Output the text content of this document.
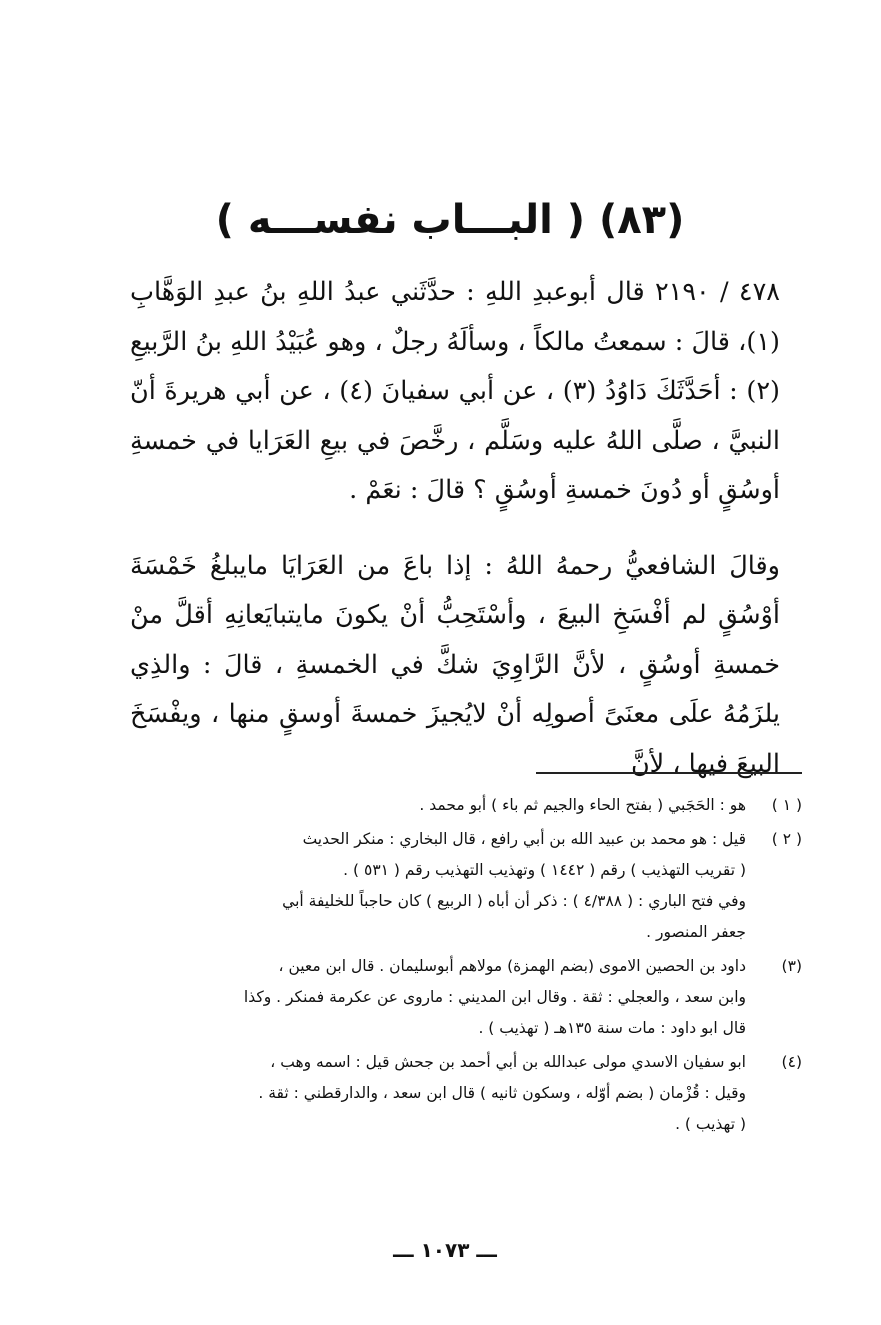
(٨٣) ( البـــاب نفســـه )

٤٧٨ / ٢١٩٠ قال أبوعبدِ اللهِ : حدَّثَني عبدُ اللهِ بنُ عبدِ الوَهَّابِ (١)، قالَ : سمعتُ مالكاً ، وسألَهُ رجلٌ ، وهو عُبَيْدُ اللهِ بنُ الرَّبيعِ (٢) : أحَدَّثَكَ دَاوُدُ (٣) ، عن أبي سفيانَ (٤) ، عن أبي هريرةَ أنّ النبيَّ ، صلَّى اللهُ عليه وسَلَّم ، رخَّصَ في بيعِ العَرَايا في خمسةِ أوسُقٍ أو دُونَ خمسةِ أوسُقٍ ؟ قالَ : نعَمْ .

وقالَ الشافعيُّ رحمهُ اللهُ : إذا باعَ من العَرَايَا مايبلغُ خَمْسَةَ أوْسُقٍ لم أفْسَخِ البيعَ ، وأسْتَحِبُّ أنْ يكونَ مايتبايَعانِهِ أقلَّ منْ خمسةِ أوسُقٍ ، لأنَّ الرَّاوِيَ شكَّ في الخمسةِ ، قالَ : والذِي يلزَمُهُ علَى معنَىً أصولِه أنْ لايُجيزَ خمسةَ أوسقٍ منها ، ويفْسَخَ البيعَ فيها ، لأنَّ

( ١ )
هو : الحَجَبي ( بفتح الحاء والجيم ثم باء ) أبو محمد .
( ٢ )
قيل : هو محمد بن عبيد الله بن أبي رافع ، قال البخاري : منكر الحديث
( تقريب التهذيب ) رقم ( ١٤٤٢ ) وتهذيب التهذيب رقم ( ٥٣١ ) .
وفي فتح الباري : ( ٤/٣٨٨ ) : ذكر أن أباه ( الربيع ) كان حاجباً للخليفة أبي
جعفر المنصور .
(٣)
داود بن الحصين الاموى (بضم الهمزة) مولاهم أبوسليمان . قال ابن معين ،
وابن سعد ، والعجلي : ثقة . وقال ابن المديني : ماروى عن عكرمة فمنكر . وكذا
قال ابو داود : مات سنة ١٣٥هـ ( تهذيب ) .
(٤)
ابو سفيان الاسدي مولى عبدالله بن أبي أحمد بن جحش قيل : اسمه وهب ،
وقيل : قُزْمان ( بضم أوّله ، وسكون ثانيه ) قال ابن سعد ، والدارقطني : ثقة .
( تهذيب ) .
ـــ ١٠٧٣ ـــ
